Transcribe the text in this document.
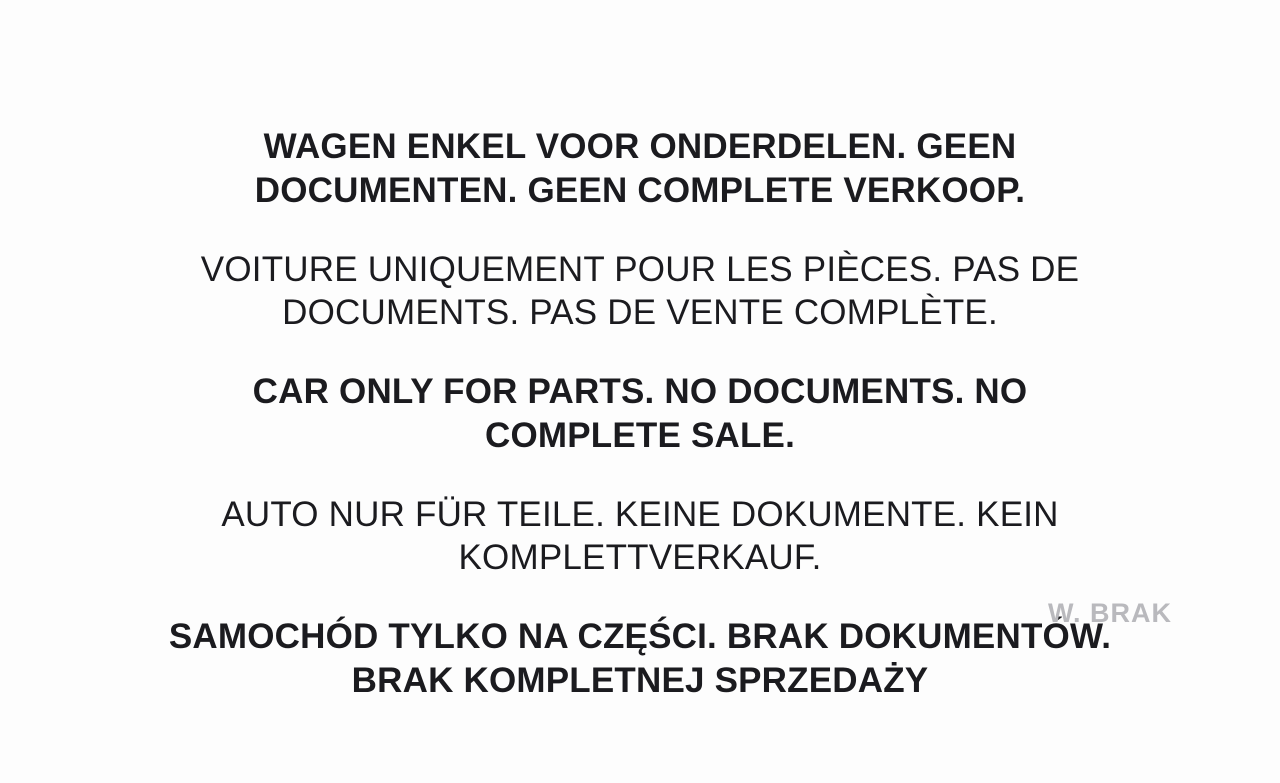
WAGEN ENKEL VOOR ONDERDELEN. GEEN DOCUMENTEN. GEEN COMPLETE VERKOOP.

VOITURE UNIQUEMENT POUR LES PIÈCES. PAS DE DOCUMENTS. PAS DE VENTE COMPLÈTE.

CAR ONLY FOR PARTS. NO DOCUMENTS. NO COMPLETE SALE.

AUTO NUR FÜR TEILE. KEINE DOKUMENTE. KEIN KOMPLETTVERKAUF.

SAMOCHÓD TYLKO NA CZĘŚCI. BRAK DOKUMENTÓW. BRAK KOMPLETNEJ SPRZEDAŻY

W. BRAK
